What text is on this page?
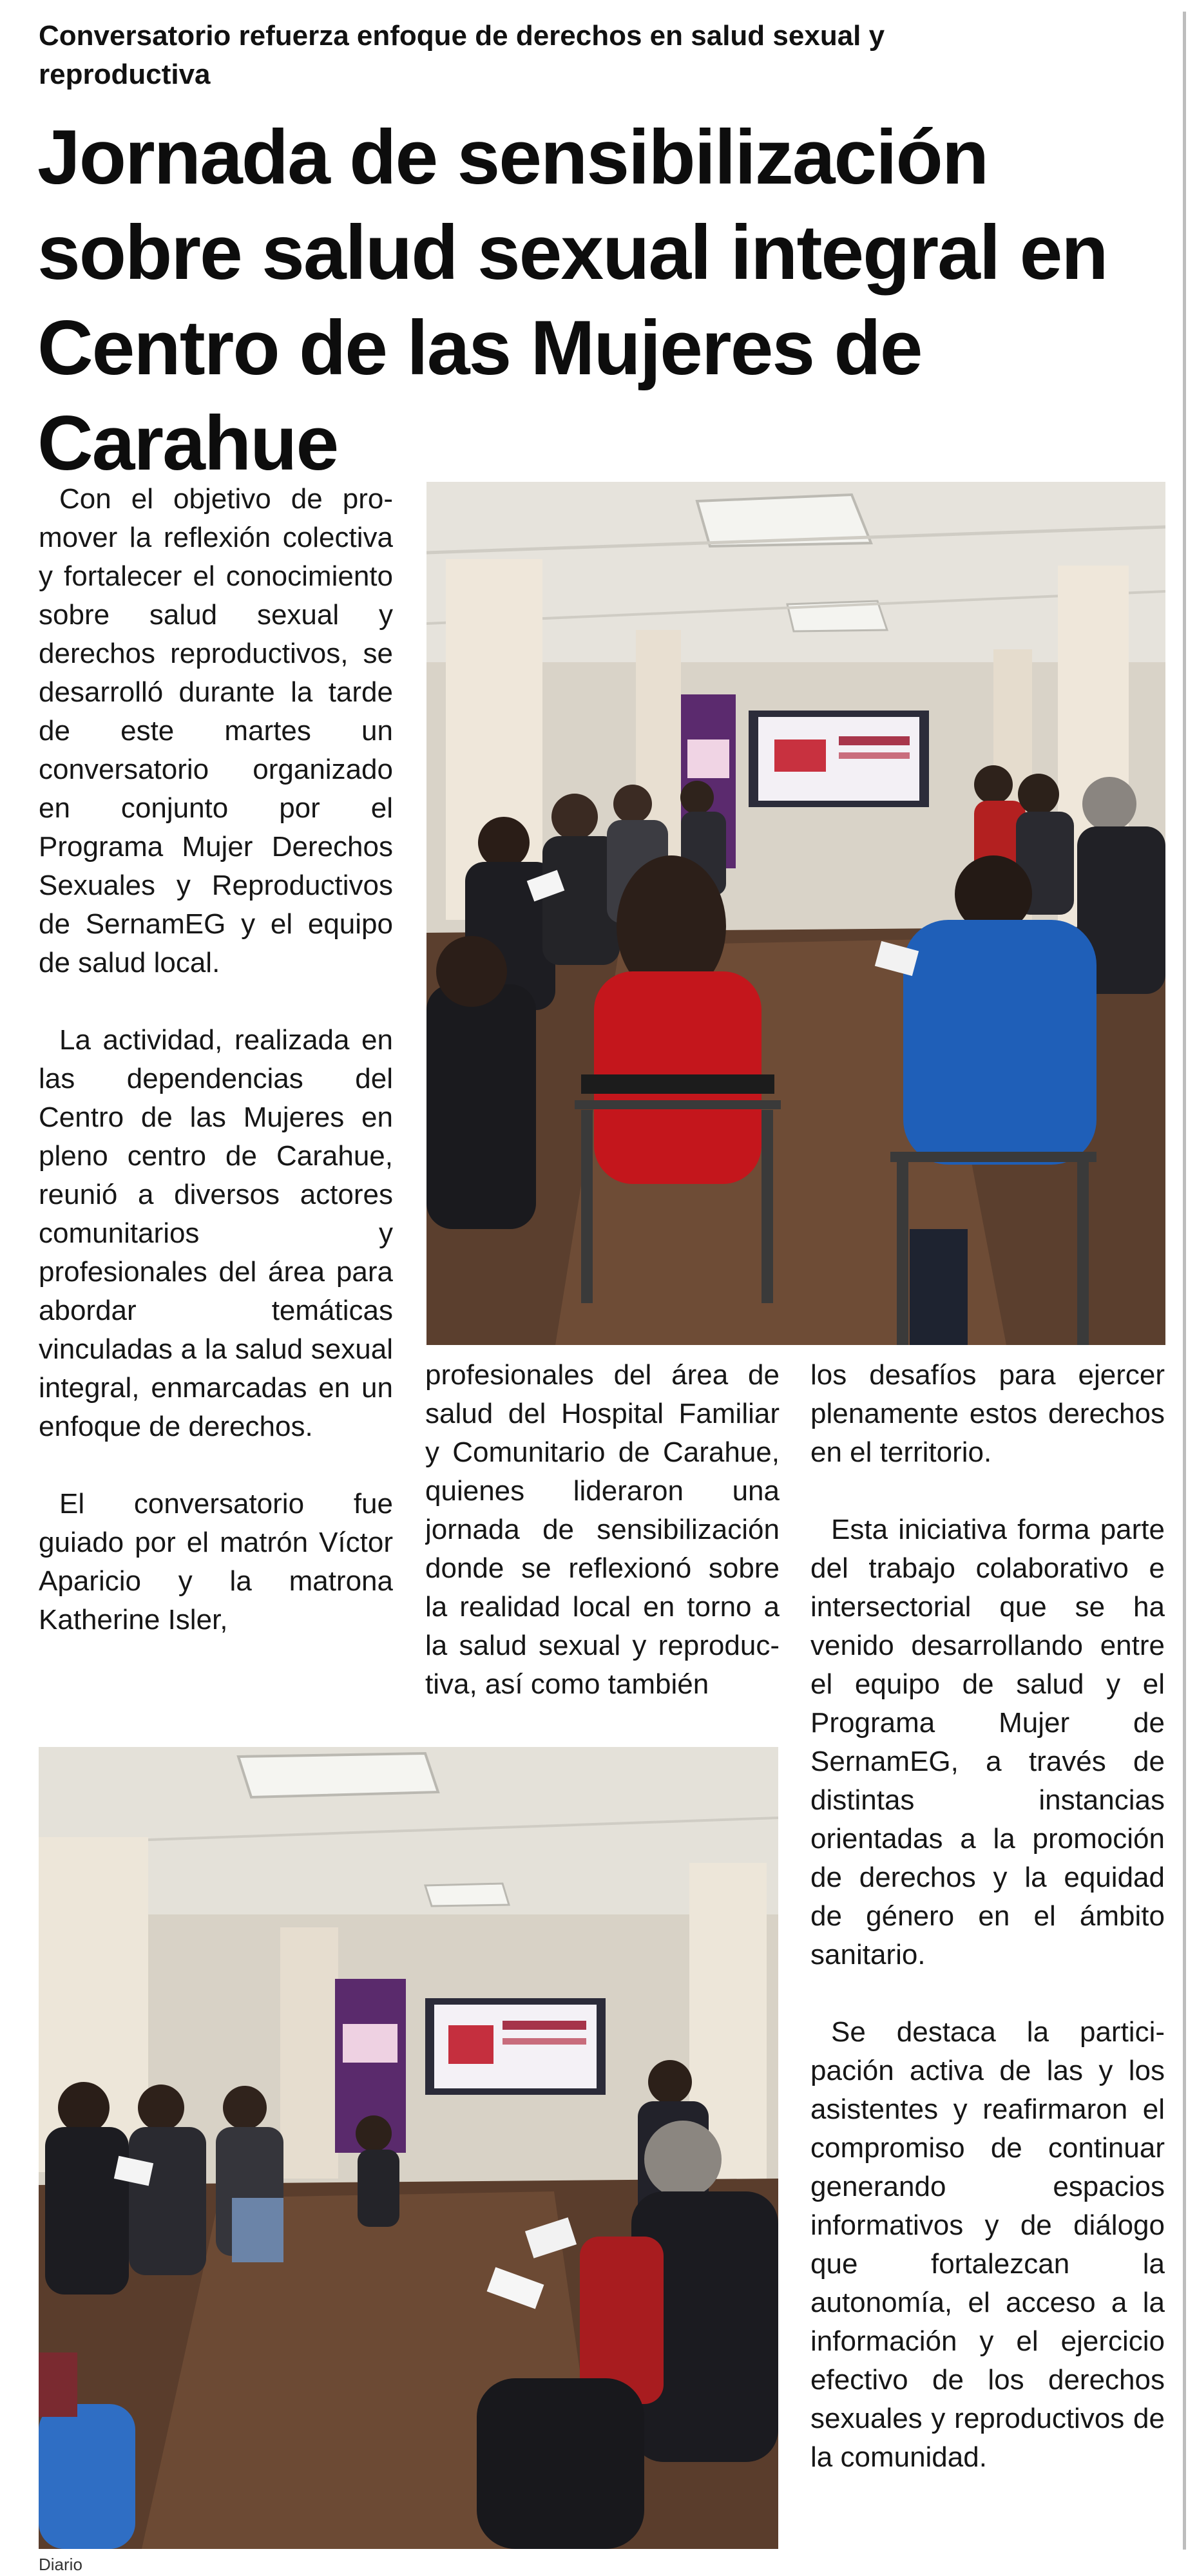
Conversatorio refuerza enfoque de derechos en salud sexual y reproductiva
Jornada de sensibilización sobre salud sexual integral en Centro de las Mujeres de Carahue

Con el objetivo de promover la reflexión colectiva y fortalecer el conocimiento sobre salud sexual y derechos reproductivos, se desarrolló durante la tarde de este martes un conversatorio organizado en conjunto por el Programa Mujer Derechos Sexuales y Reproductivos de SernamEG y el equipo de salud local.

La actividad, realizada en las dependencias del Centro de las Mujeres en pleno centro de Carahue, reunió a diversos actores comunitarios y profesionales del área para abordar temáticas vinculadas a la salud sexual integral, enmarcadas en un enfoque de derechos.

El conversatorio fue guiado por el matrón Víctor Aparicio y la matrona Katherine Isler,

profesionales del área de salud del Hospital Familiar y Comunitario de Carahue, quienes lideraron una jornada de sensibilización donde se reflexionó sobre la realidad local en torno a la salud sexual y reproductiva, así como también

los desafíos para ejercer plenamente estos derechos en el territorio.

Esta iniciativa forma parte del trabajo colaborativo e intersectorial que se ha venido desarrollando entre el equipo de salud y el Programa Mujer de SernamEG, a través de distintas instancias orientadas a la promoción de derechos y la equidad de género en el ámbito sanitario.

Se destaca la participación activa de las y los asistentes y reafirmaron el compromiso de continuar generando espacios informativos y de diálogo que fortalezcan la autonomía, el acceso a la información y el ejercicio efectivo de los derechos sexuales y reproductivos de la comunidad.

Diario
